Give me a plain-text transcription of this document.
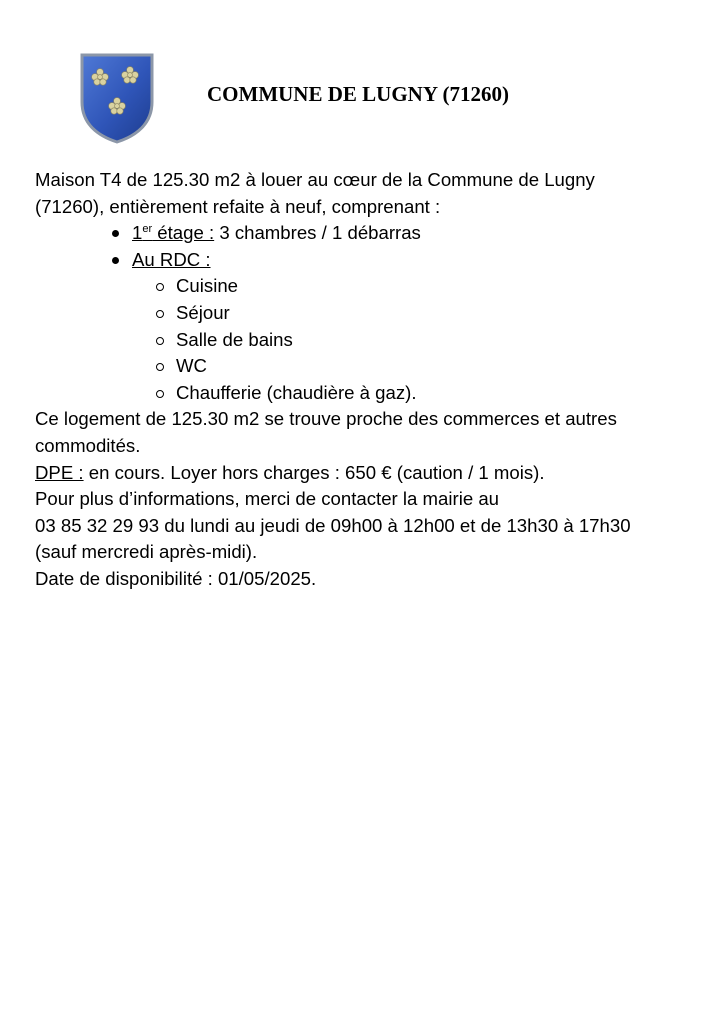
COMMUNE DE LUGNY (71260)
Maison T4 de 125.30 m2 à louer au cœur de la Commune de Lugny
(71260), entièrement refaite à neuf, comprenant :
1er étage : 3 chambres / 1 débarras
Au RDC :
Cuisine
Séjour
Salle de bains
WC
Chaufferie (chaudière à gaz).
Ce logement de 125.30 m2 se trouve proche des commerces et autres
commodités.
DPE : en cours. Loyer hors charges : 650 € (caution / 1 mois).
Pour plus d’informations, merci de contacter la mairie au
03 85 32 29 93 du lundi au jeudi de 09h00 à 12h00 et de 13h30 à 17h30
(sauf mercredi après-midi).
Date de disponibilité : 01/05/2025.
